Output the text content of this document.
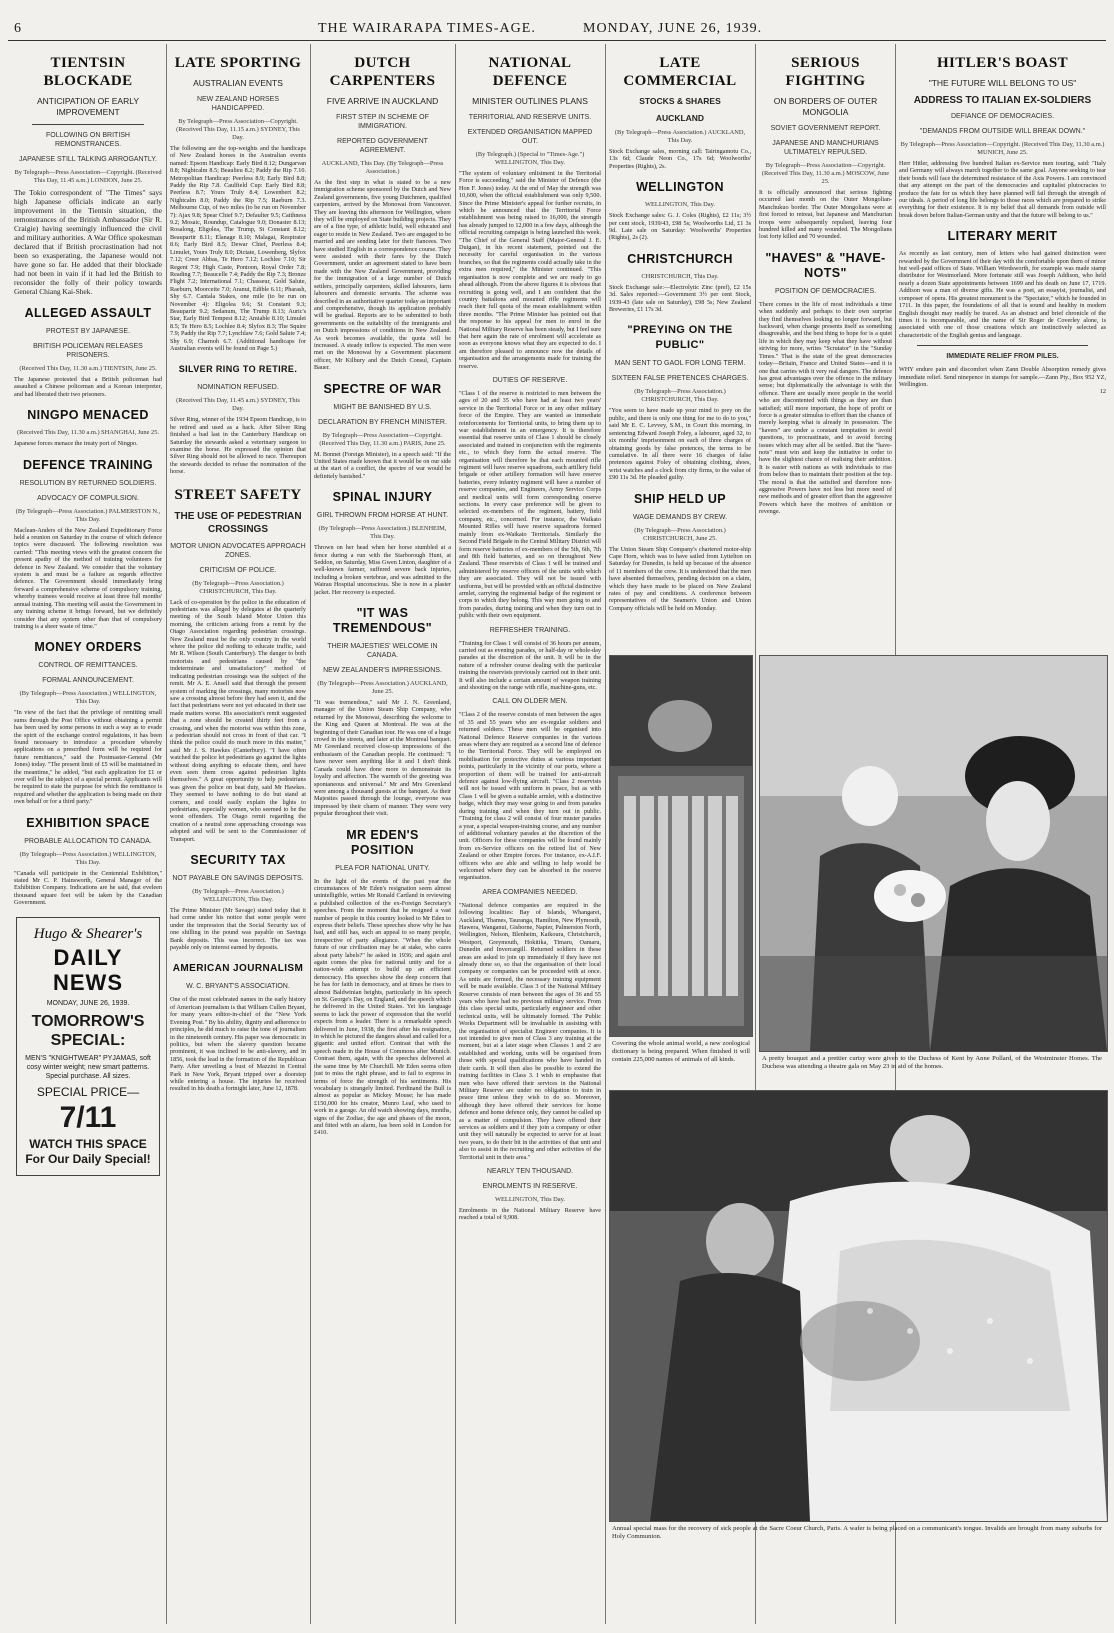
6	THE WAIRARAPA TIMES-AGE.	MONDAY, JUNE 26, 1939.
TIENTSIN BLOCKADE
ANTICIPATION OF EARLY IMPROVEMENT
FOLLOWING ON BRITISH REMONSTRANCES.
JAPANESE STILL TALKING ARROGANTLY.
By Telegraph—Press Association—Copyright. (Received This Day, 11.45 a.m.) LONDON, June 25.

The Tokio correspondent of "The Times" says high Japanese officials indicate an early improvement in the Tientsin situation, the remonstrances of the British Ambassador (Sir R. Craigie) having seemingly influenced the civil and military authorities. A War Office spokesman declared that if British procrastination had not been so exasperating, the Japanese would not have gone so far. He added that their blockade had not been in vain if it had led the British to reconsider the folly of their policy towards General Chiang Kai-Shek.

ALLEGED ASSAULT
PROTEST BY JAPANESE.
BRITISH POLICEMAN RELEASES PRISONERS.
(Received This Day, 11.30 a.m.) TIENTSIN, June 25.

The Japanese protested that a British policeman had assaulted a Chinese policeman and a Korean interpreter, and had liberated their two prisoners.

NINGPO MENACED
(Received This Day, 11.30 a.m.) SHANGHAI, June 25.

Japanese forces menace the treaty port of Ningpo.

DEFENCE TRAINING
RESOLUTION BY RETURNED SOLDIERS.
ADVOCACY OF COMPULSION.
(By Telegraph—Press Association.) PALMERSTON N., This Day.

Maclean-Anders of the New Zealand Expeditionary Force held a reunion on Saturday in the course of which defence topics were discussed. The following resolution was carried: "This meeting views with the greatest concern the present apathy of the method of training volunteers for defence in New Zealand. We consider that the voluntary system is and must be a failure as regards effective defence. The Government should immediately bring forward a comprehensive scheme of compulsory training, whereby trainees would receive at least three full months' annual training. This meeting will assist the Government in any training scheme it brings forward, but we definitely consider that any system other than that of compulsory training is a sheer waste of time."

MONEY ORDERS
CONTROL OF REMITTANCES.
FORMAL ANNOUNCEMENT.
(By Telegraph—Press Association.) WELLINGTON, This Day.

"In view of the fact that the privilege of remitting small sums through the Post Office without obtaining a permit has been used by some persons in such a way as to evade the spirit of the exchange control regulations, it has been found necessary to introduce a procedure whereby applications on a prescribed form will be required for future remittances," said the Postmaster-General (Mr Jones) today. "The present limit of £5 will be maintained in the meantime," he added, "but each application for £1 or over will be the subject of a special permit. Applicants will be required to state the purpose for which the remittance is required and whether the application is being made on their own behalf or for a third party."

EXHIBITION SPACE
PROBABLE ALLOCATION TO CANADA.
(By Telegraph—Press Association.) WELLINGTON, This Day.

"Canada will participate in the Centennial Exhibition," stated Mr C. P. Hainsworth, General Manager of the Exhibition Company. Indications are he said, that eveleen thousand square feet will be taken by the Canadian Government.

Hugo & Shearer's
DAILY NEWS
MONDAY, JUNE 26, 1939.
TOMORROW'S SPECIAL:
MEN'S "KNIGHTWEAR" PYJAMAS, soft cosy winter weight; new smart patterns. Special purchase. All sizes.
SPECIAL PRICE—
7/11
WATCH THIS SPACE For Our Daily Special!
LATE SPORTING
AUSTRALIAN EVENTS
NEW ZEALAND HORSES HANDICAPPED.
By Telegraph—Press Association—Copyright. (Received This Day, 11.15 a.m.) SYDNEY, This Day.

The following are the top-weights and the handicaps of New Zealand horses in the Australian events named: Epsom Handicap: Early Bird 8.12; Dungarvan 8.8; Nightcalm 8.5; Beaulieu 8.2; Paddy the Rip 7.10. Metropolitan Handicap: Peerless 8.9; Early Bird 8.8; Paddy the Rip 7.8. Caulfield Cup: Early Bird 8.8; Peerless 8.7; Yours Truly 8.4; Lowenbert 8.2; Nightcalm 8.0; Paddy the Rip 7.5; Raeburn 7.3. Melbourne Cup, of two miles (to be run on November 7): Ajax 9.8; Spear Chief 9.7; Defaulter 9.5; Caithness 9.2; Mosaic, Roundup, Catalogue 9.0; Donaster 8.13; Rosalong, Eligolea, The Trump, St Constant 8.12; Beaupartir 8.11; Elanage 8.10; Malagai, Respirator 8.6; Early Bird 8.5; Dewar Chief, Peerless 8.4; Limulet, Yours Truly 8.0; Dictate, Lowenberg, Slyfox 7.12; Creer Abbas, Te Hero 7.12; Lochlee 7.10; Sir Regent 7.9; High Caste, Pontoon, Royal Order 7.8; Reading 7.7; Beaucelle 7.4; Paddy the Rip 7.3; Bronze Flight 7.2; International 7.1; Chasseur, Gold Salute, Raeburn, Moorceite 7.0; Aranui, Edible 6.11; Pharash, Shy 6.7. Cantala Stakes, one mile (to be run on November 4): Eligolea 9.6; St Constant 9.3; Beaupartir 9.2; Sedanum, The Trump 8.13; Auric's Star, Early Bird Tempest 8.12; Amiable 8.10; Limulet 8.5; Te Hero 8.5; Lochlee 8.4; Slyfox 8.3; The Squire 7.9; Paddy the Rip 7.7; Lynchlaw 7.6; Gold Salute 7.4; Shy 6.9; Charnoh 6.7. (Additional handicaps for Australian events will be found on Page 5.)

SILVER RING TO RETIRE.
NOMINATION REFUSED.
(Received This Day, 11.45 a.m.) SYDNEY, This Day.

Silver Ring, winner of the 1934 Epsom Handicap, is to be retired and used as a hack. After Silver Ring finished a bad last in the Canterbury Handicap on Saturday the stewards asked a veterinary surgeon to examine the horse. He expressed the opinion that Silver Ring should not be allowed to race. Thereupon the stewards decided to refuse the nomination of the horse.

STREET SAFETY
THE USE OF PEDESTRIAN CROSSINGS
MOTOR UNION ADVOCATES APPROACH ZONES.
CRITICISM OF POLICE.
(By Telegraph—Press Association.) CHRISTCHURCH, This Day.

Lack of co-operation by the police in the education of pedestrians was alleged by delegates at the quarterly meeting of the South Island Motor Union this morning, the criticism arising from a remit by the Otago Association regarding pedestrian crossings. New Zealand must be the only country in the world where the police did nothing to educate traffic, said Mr R. Wilson (South Canterbury). The danger to both motorists and pedestrians caused by "the indeterminate and unsatisfactory" method of indicating pedestrian crossings was the subject of the remit. Mr A. E. Ansell said that through the present system of marking the crossings, many motorists now saw a crossing almost before they had seen it, and the fact that pedestrians were not yet educated in their use made matters worse. His association's remit suggested that a zone should be created thirty feet from a crossing, and when the motorist was within this zone, a pedestrian should not cross in front of that car. "I think the police could do much more in this matter," said Mr J. S. Hawkes (Canterbury). "I have often watched the police let pedestrians go against the lights without doing anything to educate them, and have even seen them cross against pedestrian lights themselves." A great opportunity to help pedestrians was given the police on beat duty, said Mr Hawkes. They seemed to have nothing to do but stand at corners, and could easily explain the lights to pedestrians, especially women, who seemed to be the worst offenders. The Otago remit regarding the creation of a neutral zone approaching crossings was adopted and will be sent to the Commissioner of Transport.

SECURITY TAX
NOT PAYABLE ON SAVINGS DEPOSITS.
(By Telegraph—Press Association.) WELLINGTON, This Day.

The Prime Minister (Mr Savage) stated today that it had come under his notice that some people were under the impression that the Social Security tax of one shilling in the pound was payable on Savings Bank deposits. This was incorrect. The tax was payable only on interest earned by deposits.

AMERICAN JOURNALISM
W. C. BRYANT'S ASSOCIATION.

One of the most celebrated names in the early history of American journalism is that William Cullen Bryant, for many years editor-in-chief of the "New York Evening Post." By his ability, dignity and adherence to principles, he did much to raise the tone of journalism in the nineteenth century. His paper was democratic in politics, but when the slavery question became prominent, it was inclined to be anti-slavery, and in 1856, took the lead in the formation of the Republican Party. After unveiling a bust of Mazzini in Central Park in New York, Bryant tripped over a doorstep while entering a house. The injuries he received resulted in his death a fortnight later, June 12, 1878.

DUTCH CARPENTERS
FIVE ARRIVE IN AUCKLAND
FIRST STEP IN SCHEME OF IMMIGRATION.
REPORTED GOVERNMENT AGREEMENT.
AUCKLAND, This Day. (By Telegraph—Press Association.)

As the first step in what is stated to be a new immigration scheme sponsored by the Dutch and New Zealand governments, five young Dutchmen, qualified carpenters, arrived by the Monowai from Vancouver. They are leaving this afternoon for Wellington, where they will be employed on State building projects. They are of a fine type, of athletic build, well educated and eager to reside in New Zealand. Two are engaged to be married and are sending later for their fiancees. Two have studied English in a correspondence course. They were assisted with their fares by the Dutch Government, under an agreement stated to have been made with the New Zealand Government, providing for the immigration of a large number of Dutch settlers, principally carpenters, skilled labourers, farm labourers and domestic servants. The scheme was described in an authoritative quarter today as important and comprehensive, though its application probably will be gradual. Reports are to be submitted to both governments on the suitability of the immigrants and on Dutch impressions of conditions in New Zealand. As work becomes available, the quota will be increased. A steady inflow is expected. The men were met on the Monowai by a Government placement officer, Mr Kilbury and the Dutch Consul, Captain Bauer.

SPECTRE OF WAR
MIGHT BE BANISHED BY U.S.
DECLARATION BY FRENCH MINISTER.
By Telegraph—Press Association—Copyright. (Received This Day, 11.30 a.m.) PARIS, June 25.

M. Bonnet (Foreign Minister), in a speech said: "If the United States made known that it would be on our side at the start of a conflict, the spectre of war would be definitely banished."

SPINAL INJURY
GIRL THROWN FROM HORSE AT HUNT.
(By Telegraph—Press Association.) BLENHEIM, This Day.

Thrown on her head when her horse stumbled at a fence during a run with the Starborough Hunt, at Seddon, on Saturday, Miss Gwen Linton, daughter of a well-known farmer, suffered severe back injuries, including a broken vertebrae, and was admitted to the Wairau Hospital unconscious. She is now in a plaster jacket. Her recovery is expected.

"IT WAS TREMENDOUS"
THEIR MAJESTIES' WELCOME IN CANADA.
NEW ZEALANDER'S IMPRESSIONS.
(By Telegraph—Press Association.) AUCKLAND, June 25.

"It was tremendous," said Mr J. N. Greenland, manager of the Union Steam Ship Company, who returned by the Monowai, describing the welcome to the King and Queen at Montreal. He was at the beginning of their Canadian tour. He was one of a huge crowd in the streets, and later at the Montreal banquet. Mr Greenland received close-up impressions of the enthusiasm of the Canadian people. He continued: "I have never seen anything like it and I don't think Canada could have done more to demonstrate its loyalty and affection. The warmth of the greeting was spontaneous and universal." Mr and Mrs Greenland were among a thousand guests at the banquet. As their Majesties passed through the lounge, everyone was impressed by their charm of manner. They were very popular throughout their visit.

MR EDEN'S POSITION
PLEA FOR NATIONAL UNITY.

In the light of the events of the past year the circumstances of Mr Eden's resignation seem almost unintelligible, writes Mr Ronald Cartland in reviewing a published collection of the ex-Foreign Secretary's speeches. From the moment that he resigned a vast number of people in this country looked to Mr Eden to express their beliefs. These speeches show why he has had, and still has, such an appeal to so many people, irrespective of party allegiance. "When the whole future of our civilisation may be at stake, who cares about party labels?" he asked in 1936; and again and again comes the plea for national unity and for a nation-wide attempt to build up an efficient democracy. His speeches show the deep concern that he has for faith in democracy, and at times he rises to almost Baldwinian heights, particularly in his speech on St. George's Day, on England, and the speech which he delivered in the United States. Yet his language seems to lack the power of expression that the world expects from a leader. There is a remarkable speech delivered in June, 1938, the first after his resignation, in which he pictured the dangers ahead and called for a gigantic and united effort. Contrast that with the speech made in the House of Commons after Munich. Contrast them, again, with the speeches delivered at the same time by Mr Churchill. Mr Eden seems often just to miss the right phrase, and to fail to express in terms of force the strength of his sentiments. His vocabulary is strangely limited. Ferdinand the Bull is almost as popular as Mickey Mouse; he has made £150,000 for his creator, Munro Leaf, who used to work in a garage. An old watch showing days, months, signs of the Zodiac, the age and phases of the moon, and fitted with an alarm, has been sold in London for £410.

NATIONAL DEFENCE
MINISTER OUTLINES PLANS
TERRITORIAL AND RESERVE UNITS.
EXTENDED ORGANISATION MAPPED OUT.
(By Telegraph.) (Special to "Times-Age.") WELLINGTON, This Day.

"The system of voluntary enlistment in the Territorial Force is succeeding," said the Minister of Defence (the Hon F. Jones) today. At the end of May the strength was 10,600, when the official establishment was only 9,500. Since the Prime Minister's appeal for further recruits, in which he announced that the Territorial Force establishment was being raised to 16,000, the strength has already jumped to 12,000 in a few days, although the official recruiting campaign is being launched this week. "The Chief of the General Staff (Major-General J. E. Duigan), in his recent statement, pointed out the necessity for careful organisation in the various branches, so that the regiments could actually take in the extra men required," the Minister continued. "This organisation is now complete and we are ready to go ahead although. From the above figures it is obvious that recruiting is going well, and I am confident that the country battalions and mounted rifle regiments will reach their full quota of the mean establishment within three months. "The Prime Minister has pointed out that the response to his appeal for men to enrol in the National Military Reserve has been steady, but I feel sure that here again the rate of enrolment will accelerate as soon as everyone knows what they are expected to do. I am therefore pleased to announce now the details of organisation and the arrangements made for training the reserve.

DUTIES OF RESERVE.

"Class 1 of the reserve is restricted to men between the ages of 20 and 35 who have had at least two years' service in the Territorial Force or in any other military force of the Empire. They are wanted as immediate reinforcements for Territorial units, to bring them up to war establishment in an emergency. It is therefore essential that reserve units of Class 1 should be closely associated and trained in conjunction with the regiments etc., to which they form the actual reserve. The organisation will therefore be that each mounted rifle regiment will have reserve squadrons, each artillery field brigade or other artillery formation will have reserve batteries, every infantry regiment will have a number of reserve companies, and Engineers, Army Service Corps and medical units will form corresponding reserve sections. In every case preference will be given to selected ex-members of the regiment, battery, field company, etc., concerned. For instance, the Waikato Mounted Rifles will have reserve squadrons formed mainly from ex-Waikato Territorials. Similarly the Second Field Brigade in the Central Military District will form reserve batteries of ex-members of the 5th, 6th, 7th and 8th field batteries, and so on throughout New Zealand. These reservists of Class 1 will be trained and administered by reserve officers of the units with which they are associated. They will not be issued with uniforms, but will be provided with an official distinctive armlet, carrying the regimental badge of the regiment or corps to which they belong. This way men going to and from parades, during training and when they turn out in public with their own equipment.

REFRESHER TRAINING.

"Training for Class 1 will consist of 36 hours per annum, carried out as evening parades, or half-day or whole-day parades at the discretion of the unit. It will be in the nature of a refresher course dealing with the particular training the reservists previously carried out in their unit. It will also include a certain amount of weapon training and shooting on the range with rifle, machine-guns, etc.

CALL ON OLDER MEN.

"Class 2 of the reserve consists of men between the ages of 35 and 55 years who are ex-regular soldiers and returned soldiers. These men will be organised into National Defence Reserve companies in the various areas where they are required as a second line of defence to the Territorial Force. They will be employed on mobilisation for protective duties at various important points, particularly in the vicinity of our ports, where a proportion of them will be trained for anti-aircraft defence against low-flying aircraft. "Class 2 reservists will not be issued with uniform in peace, but as with Class 1 will be given a suitable armlet, with a distinctive badge, which they may wear going to and from parades during training and when they turn out in public. "Training for class 2 will consist of four muster parades a year, a special weapon-training course, and any number of additional voluntary parades at the discretion of the unit. Officers for these companies will be found mainly from ex-Service officers on the retired list of New Zealand or other Empire forces. For instance, ex-A.I.F. officers who are able and willing to help would be welcomed where they can be absorbed in the reserve organisation.

AREA COMPANIES NEEDED.

"National defence companies are required in the following localities: Bay of Islands, Whangarei, Auckland, Thames, Tauranga, Hamilton, New Plymouth, Hawera, Wanganui, Gisborne, Napier, Palmerston North, Wellington, Nelson, Blenheim, Kaikoura, Christchurch, Westport, Greymouth, Hokitika, Timaru, Oamaru, Dunedin and Invercargill. Returned soldiers in these areas are asked to join up immediately if they have not already done so, so that the organisation of their local company or companies can be proceeded with at once. As units are formed, the necessary training equipment will be made available. Class 3 of the National Military Reserve consists of men between the ages of 36 and 55 years who have had no previous military service. From this class special units, particularly engineer and other technical units, will be ultimately formed. The Public Works Department will be invaluable in assisting with the organisation of specialist Engineer companies. It is not intended to give men of Class 3 any training at the moment, but at a later stage when Classes 1 and 2 are established and working, units will be organised from those with special qualifications who have handed in their cards. It will then also be possible to extend the training facilities in Class 3. I wish to emphasise that men who have offered their services in the National Military Reserve are under no obligation to train in peace time unless they wish to do so. Moreover, although they have offered their services for home defence and home defence only, they cannot be called up as a matter of compulsion. They have offered their services as soldiers and if they join a company or other unit they will naturally be expected to serve for at least two years, to do their bit in the activities of that unit and also to assist in the recruiting and other activities of the Territorial unit in their area."

NEARLY TEN THOUSAND.
ENROLMENTS IN RESERVE.
WELLINGTON, This Day.

Enrolments in the National Military Reserve have reached a total of 9,908.

LATE COMMERCIAL
STOCKS & SHARES
AUCKLAND
(By Telegraph—Press Association.) AUCKLAND, This Day.

Stock Exchange sales, morning call: Tairingamotu Co., 13s 6d; Claude Neon Co., 17s 6d; Woolworths' Properties (Rights), 2s.

WELLINGTON
WELLINGTON, This Day.

Stock Exchange sales: G. J. Coles (Rights), £2 11s; 3½ per cent stock, 1939/43, £98 5s; Woolworths Ltd, £1 3s 9d. Late sale on Saturday: Woolworths' Properties (Rights), 2s (2).

CHRISTCHURCH
CHRISTCHURCH, This Day.

Stock Exchange sale:—Electrolytic Zinc (pref), £2 15s 3d. Sales reported:—Government 3½ per cent Stock, 1939-43 (late sale on Saturday), £98 5s; New Zealand Breweries, £1 17s 3d.

"PREYING ON THE PUBLIC"
MAN SENT TO GAOL FOR LONG TERM.
SIXTEEN FALSE PRETENCES CHARGES.
(By Telegraph—Press Association.) CHRISTCHURCH, This Day.

"You seem to have made up your mind to prey on the public, and there is only one thing for me to do to you," said Mr E. C. Levvey, S.M., in Court this morning, in sentencing Edward Joseph Foley, a labourer, aged 32, to six months' imprisonment on each of three charges of obtaining goods by false pretences, the terms to be cumulative. In all there were 16 charges of false pretences against Foley of obtaining clothing, shoes, wrist watches and a clock from city firms, to the value of £90 11s 3d. He pleaded guilty.

SHIP HELD UP
WAGE DEMANDS BY CREW.
(By Telegraph—Press Association.) CHRISTCHURCH, June 25.

The Union Steam Ship Company's chartered motor-ship Cape Horn, which was to have sailed from Lyttelton on Saturday for Dunedin, is held up because of the absence of 11 members of the crew. It is understood that the men have absented themselves, pending decision on a claim, which they have made to be placed on New Zealand rates of pay and conditions. A conference between representatives of the Seamen's Union and Union Company officials will be held on Monday.

SERIOUS FIGHTING
ON BORDERS OF OUTER MONGOLIA
SOVIET GOVERNMENT REPORT.
JAPANESE AND MANCHURIANS ULTIMATELY REPULSED.
By Telegraph—Press Association—Copyright. (Received This Day, 11.30 a.m.) MOSCOW, June 25.

It is officially announced that serious fighting occurred last month on the Outer Mongolian-Manchukuo border. The Outer Mongolians were at first forced to retreat, but Japanese and Manchurian troops were subsequently repulsed, leaving four hundred killed and many wounded. The Mongolians lost forty killed and 70 wounded.

"HAVES" & "HAVE-NOTS"
POSITION OF DEMOCRACIES.

There comes in the life of most individuals a time when suddenly and perhaps to their own surprise they find themselves looking no longer forward, but backward, when change presents itself as something disagreeable, and the best thing to hope for is a quiet life in which they may keep what they have without striving for more, writes "Scrutator" in the "Sunday Times." That is the state of the great democracies today—Britain, France and United States—and it is one that carries with it very real dangers. The defence has great advantages over the offence in the military sense; but diplomatically the advantage is with the offence. There are usually more people in the world who are discontented with things as they are than satisfied; still more important, the hope of profit or force is a greater stimulus to effort than the chance of merely keeping what is already in possession. The "havers" are under a constant temptation to avoid questions, to procrastinate, and to avoid forcing issues which may after all be settled. But the "have-nots" must win and keep the initiative in order to have the slightest chance of realising their ambition. It is easier with nations as with individuals to rise from below than to maintain their position at the top. The moral is that the satisfied and therefore non-aggressive Powers have not less but more need of new methods and of greater effort than the aggressive Powers which have the motives of ambition or revenge.

HITLER'S BOAST
"THE FUTURE WILL BELONG TO US"
ADDRESS TO ITALIAN EX-SOLDIERS
DEFIANCE OF DEMOCRACIES.
"DEMANDS FROM OUTSIDE WILL BREAK DOWN."
By Telegraph—Press Association—Copyright. (Received This Day, 11.30 a.m.) MUNICH, June 25.

Herr Hitler, addressing five hundred Italian ex-Service men touring, said: "Italy and Germany will always march together to the same goal. Anyone seeking to tear their bonds will face the determined resistance of the Axis Powers. I am convinced that any attempt on the part of the democracies and capitalist plutocracies to produce the fate for us which they have planned will fail through the strength of our ideals. A period of long life belongs to those races which are prepared to strike everything for their existence. It is my belief that all demands from outside will break down before Italian-German unity and that the future will belong to us."

LITERARY MERIT

As recently as last century, men of letters who had gained distinction were rewarded by the Government of their day with the comfortable upon them of minor but well-paid offices of State. William Wordsworth, for example was made stamp distributor for Westmorland. More fortunate still was Joseph Addison, who held nearly a dozen State appointments between 1699 and his death on June 17, 1719. Addison was a man of diverse gifts. He was a poet, an essayist, journalist, and composer of opera. His greatest monument is the "Spectator," which he founded in 1711. In this paper, the foundations of all that is sound and healthy in modern English thought may readily be traced. As an abstract and brief chronicle of the times it is incomparable, and the name of Sir Roger de Coverley alone, is associated with one of those creations which are instinctively selected as characteristic of the English genius and language.

IMMEDIATE RELIEF FROM PILES.

WHY endure pain and discomfort when Zann Double Absorption remedy gives immediate relief. Send ninepence in stamps for sample.—Zann Pty., Box 952 YZ, Wellington.

12

Covering the whole animal world, a new zoological dictionary is being prepared. When finished it will contain 225,000 names of animals of all kinds.	A pretty bouquet and a prettier curtsy were given to the Duchess of Kent by Anne Pollard, of the Westminster Homes. The Duchess was attending a theatre gala on May 23 in aid of the homes.
Annual special mass for the recovery of sick people at the Sacre Coeur Church, Paris. A wafer is being placed on a communicant's tongue. Invalids are brought from many suburbs for Holy Communion.
